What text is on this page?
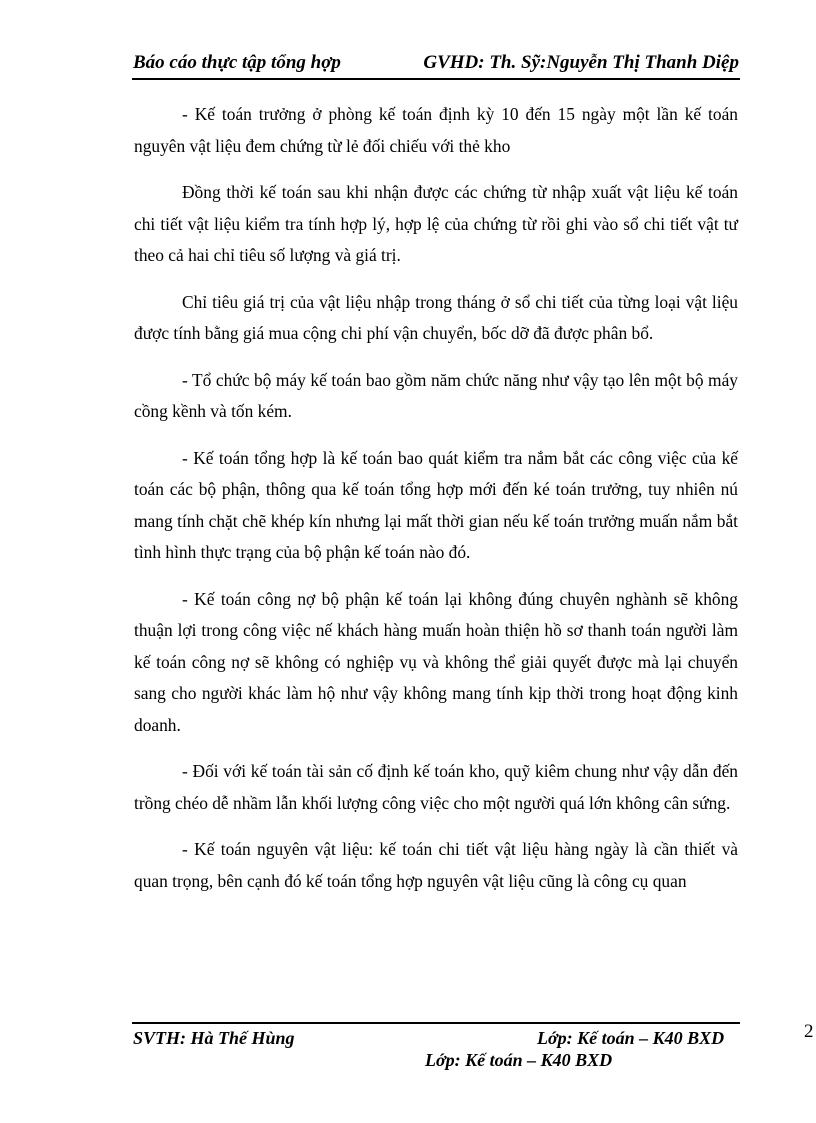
Báo cáo thực tập tổng hợp	GVHD: Th. Sỹ:Nguyễn Thị Thanh Diệp

- Kế toán trưởng ở phòng kế toán định kỳ 10 đến 15 ngày một lần kế toán nguyên vật liệu đem chứng từ lẻ đối chiếu với thẻ kho

Đồng thời kế toán sau khi nhận được các chứng từ nhập xuất vật liệu kế toán chi tiết vật liệu kiểm tra tính hợp lý, hợp lệ của chứng từ rồi ghi vào sổ chi tiết vật tư theo cả hai chỉ tiêu số lượng và giá trị.

Chỉ tiêu giá trị của vật liệu nhập trong tháng ở sổ chi tiết của từng loại vật liệu được tính bằng giá mua cộng chi phí vận chuyển, bốc dỡ đã được phân bổ.

- Tổ chức bộ máy kế toán bao gồm năm chức năng như vậy tạo lên một bộ máy cồng kềnh và tốn kém.

- Kế toán tổng hợp là kế toán bao quát kiểm tra nắm bắt các công việc của kế toán các bộ phận, thông qua kế toán tổng hợp mới đến ké toán trưởng, tuy nhiên nú mang tính chặt chẽ khép kín nhưng lại mất thời gian nếu kế toán trưởng muấn nắm bắt tình hình thực trạng của bộ phận kế toán nào đó.

- Kế toán công nợ bộ phận kế toán lại không đúng chuyên nghành sẽ không thuận lợi trong công việc nế khách hàng muấn hoàn thiện hồ sơ thanh toán người làm kế toán công nợ sẽ không có nghiệp vụ và không thể giải quyết được mà lại chuyển sang cho người khác làm hộ như vậy không mang tính kịp thời trong hoạt động kinh doanh.

- Đối với kế toán tài sản cố định kế toán kho, quỹ kiêm chung như vậy dẫn đến trồng chéo dễ nhầm lẫn khối lượng công việc cho một người quá lớn không cân sứng.

- Kế toán nguyên vật liệu: kế toán chi tiết vật liệu hàng ngày là cần thiết và quan trọng, bên cạnh đó kế toán tổng hợp nguyên vật liệu cũng là công cụ quan

SVTH: Hà Thế Hùng	Lớp: Kế toán – K40 BXD
Lớp: Kế toán – K40 BXD
2
